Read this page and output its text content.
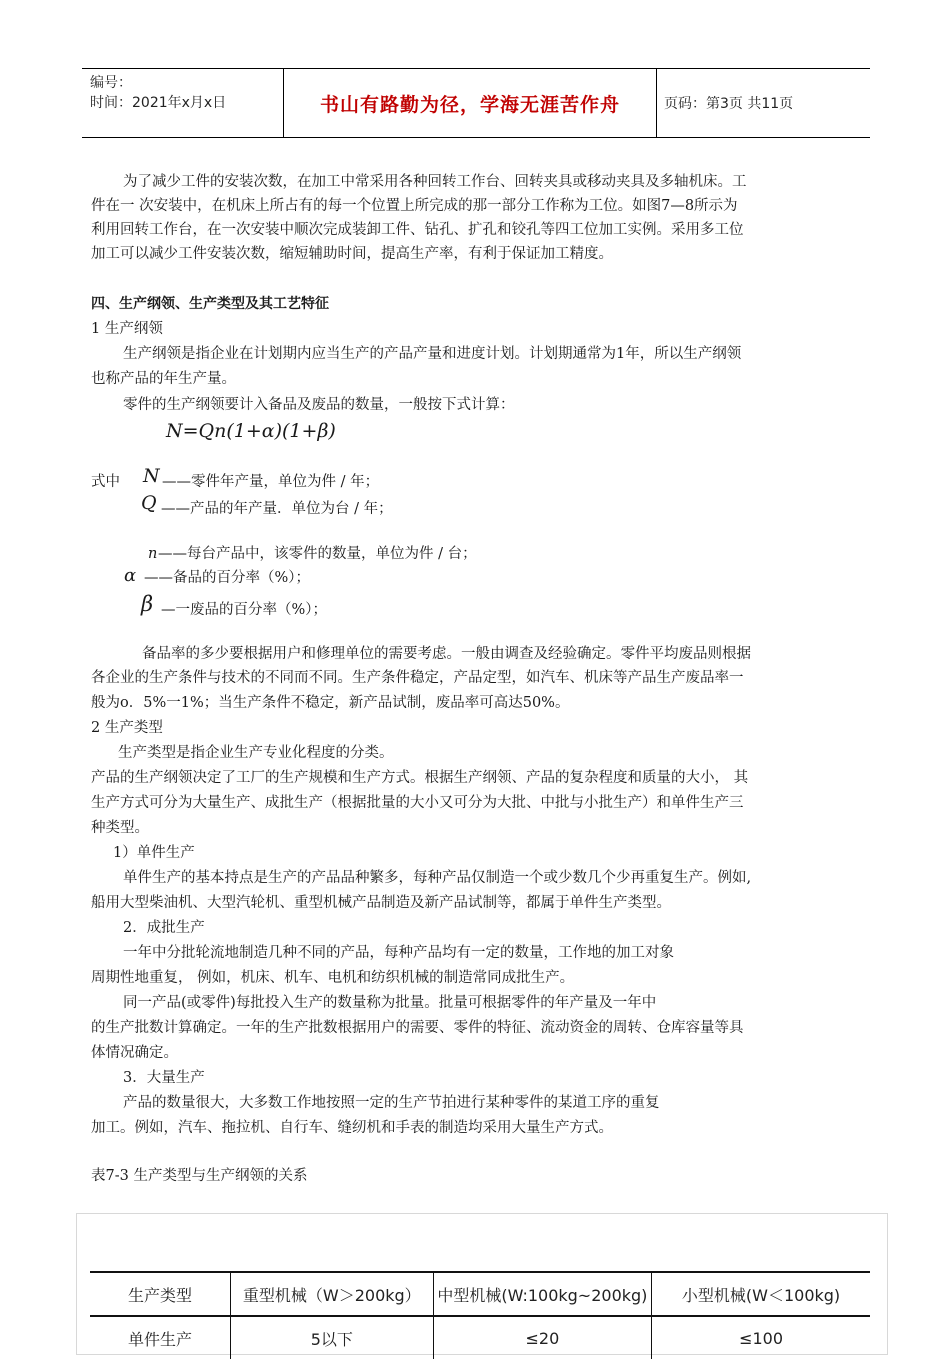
编号：
时间：2021年x月x日	书山有路勤为径，学海无涯苦作舟	页码：第3页 共11页
为了减少工件的安装次数，在加工中常采用各种回转工作台、回转夹具或移动夹具及多轴机床。工
件在一 次安装中，在机床上所占有的每一个位置上所完成的那一部分工作称为工位。如图7—8所示为
利用回转工作台，在一次安装中顺次完成装卸工件、钻孔、扩孔和铰孔等四工位加工实例。采用多工位
加工可以减少工件安装次数，缩短辅助时间，提高生产率，有利于保证加工精度。
四、生产纲领、生产类型及其工艺特征
1 生产纲领
生产纲领是指企业在计划期内应当生产的产品产量和进度计划。计划期通常为1年，所以生产纲领
也称产品的年生产量。
零件的生产纲领要计入备品及废品的数量，一般按下式计算：
N=Qn(1+α)(1+β)
式中 N ——零件年产量，单位为件 / 年；
Q ——产品的年产量．单位为台 / 年；
n ——每台产品中，该零件的数量，单位为件 / 台；
α ——备品的百分率（%）；
β —一废品的百分率（%）；
备品率的多少要根据用户和修理单位的需要考虑。一般由调查及经验确定。零件平均废品则根据
各企业的生产条件与技术的不同而不同。生产条件稳定，产品定型，如汽车、机床等产品生产废品率一
般为o．5%一1%；当生产条件不稳定，新产品试制，废品率可高达50%。
2 生产类型
生产类型是指企业生产专业化程度的分类。
产品的生产纲领决定了工厂的生产规模和生产方式。根据生产纲领、产品的复杂程度和质量的大小， 其
生产方式可分为大量生产、成批生产（根据批量的大小又可分为大批、中批与小批生产）和单件生产三
种类型。
1）单件生产
单件生产的基本持点是生产的产品品种繁多，每种产品仅制造一个或少数几个少再重复生产。例如,
船用大型柴油机、大型汽轮机、重型机械产品制造及新产品试制等，都属于单件生产类型。
2．成批生产
一年中分批轮流地制造几种不同的产品，每种产品均有一定的数量，工作地的加工对象
周期性地重复， 例如，机床、机车、电机和纺织机械的制造常同成批生产。
同一产品(或零件)每批投入生产的数量称为批量。批量可根据零件的年产量及一年中
的生产批数计算确定。一年的生产批数根据用户的需要、零件的特征、流动资金的周转、仓库容量等具
体情况确定。
3．大量生产
产品的数量很大，大多数工作地按照一定的生产节拍进行某种零件的某道工序的重复
加工。例如，汽车、拖拉机、自行车、缝纫机和手表的制造均采用大量生产方式。
表7-3 生产类型与生产纲领的关系
生产类型	重型机械（W＞200kg）	中型机械(W:100kg~200kg)	小型机械(W＜100kg)
单件生产	5以下	≤20	≤100
